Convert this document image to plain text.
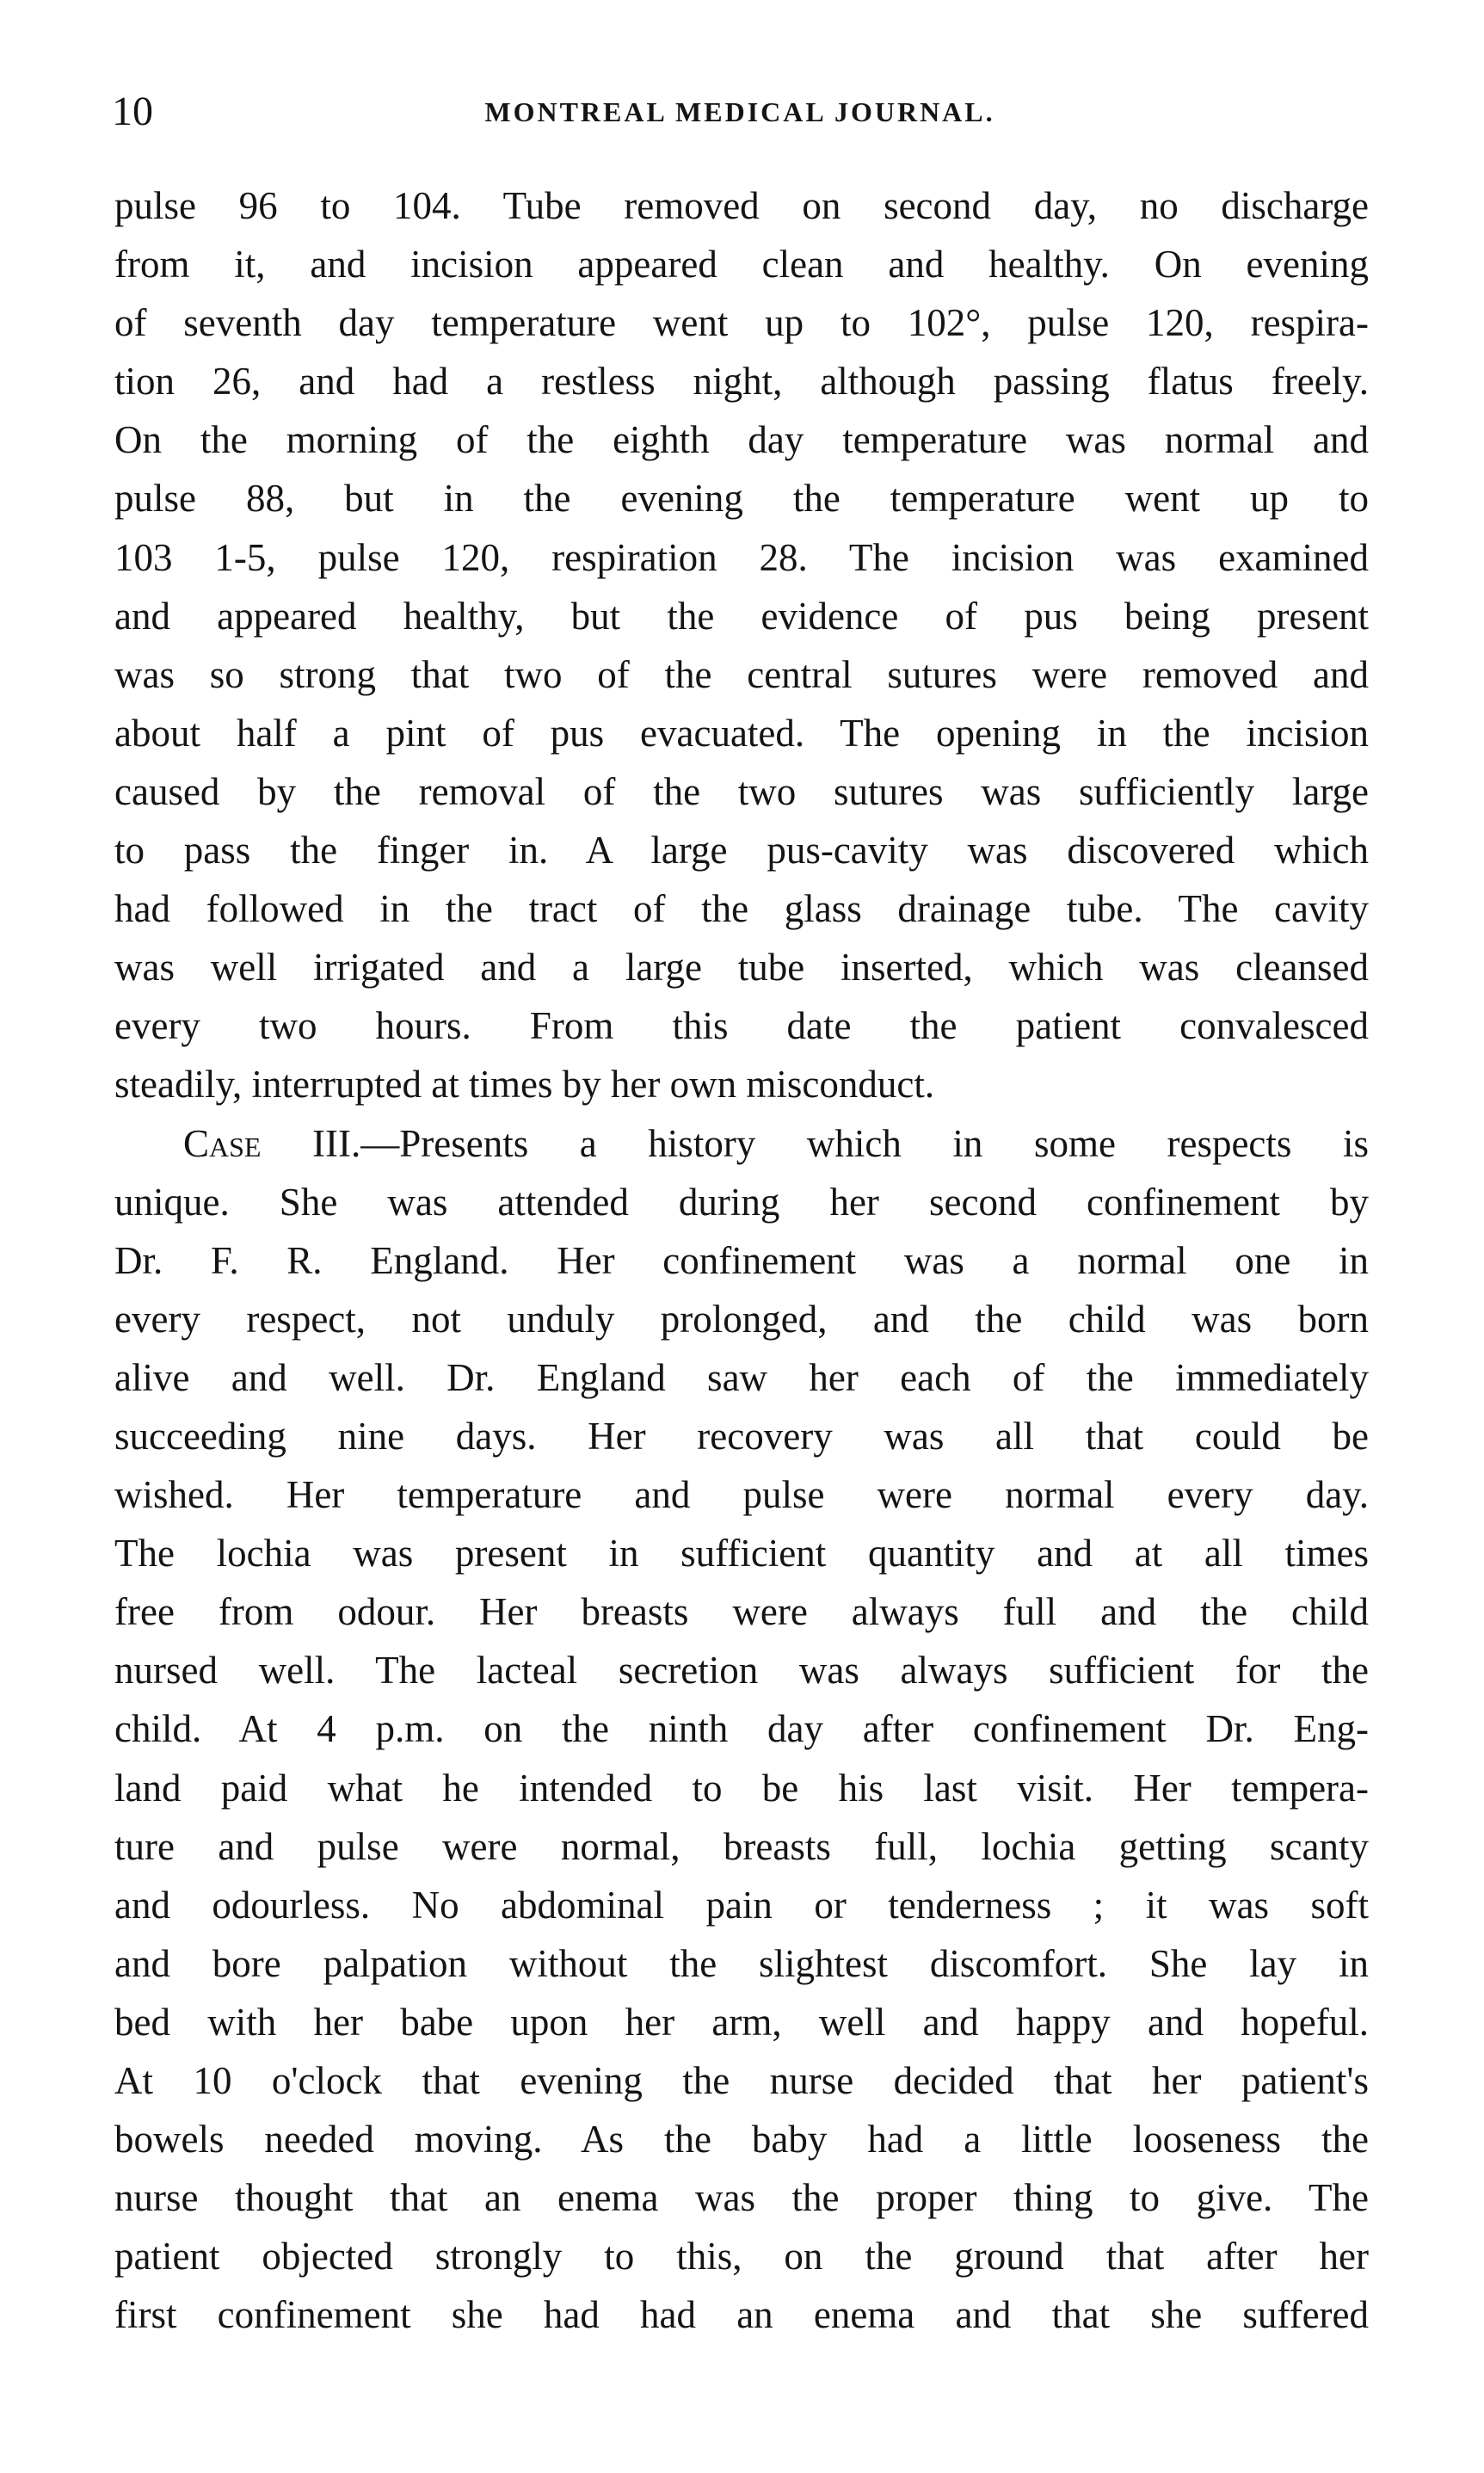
10	MONTREAL MEDICAL JOURNAL.
pulse 96 to 104. Tube removed on second day, no discharge
from it, and incision appeared clean and healthy. On evening
of seventh day temperature went up to 102°, pulse 120, respira-
tion 26, and had a restless night, although passing flatus freely.
On the morning of the eighth day temperature was normal and
pulse 88, but in the evening the temperature went up to
103 1-5, pulse 120, respiration 28. The incision was examined
and appeared healthy, but the evidence of pus being present
was so strong that two of the central sutures were removed and
about half a pint of pus evacuated. The opening in the incision
caused by the removal of the two sutures was sufficiently large
to pass the finger in. A large pus-cavity was discovered which
had followed in the tract of the glass drainage tube. The cavity
was well irrigated and a large tube inserted, which was cleansed
every two hours. From this date the patient convalesced
steadily, interrupted at times by her own misconduct.
Case III.—Presents a history which in some respects is
unique. She was attended during her second confinement by
Dr. F. R. England. Her confinement was a normal one in
every respect, not unduly prolonged, and the child was born
alive and well. Dr. England saw her each of the immediately
succeeding nine days. Her recovery was all that could be
wished. Her temperature and pulse were normal every day.
The lochia was present in sufficient quantity and at all times
free from odour. Her breasts were always full and the child
nursed well. The lacteal secretion was always sufficient for the
child. At 4 p.m. on the ninth day after confinement Dr. Eng-
land paid what he intended to be his last visit. Her tempera-
ture and pulse were normal, breasts full, lochia getting scanty
and odourless. No abdominal pain or tenderness ; it was soft
and bore palpation without the slightest discomfort. She lay in
bed with her babe upon her arm, well and happy and hopeful.
At 10 o'clock that evening the nurse decided that her patient's
bowels needed moving. As the baby had a little looseness the
nurse thought that an enema was the proper thing to give. The
patient objected strongly to this, on the ground that after her
first confinement she had had an enema and that she suffered
